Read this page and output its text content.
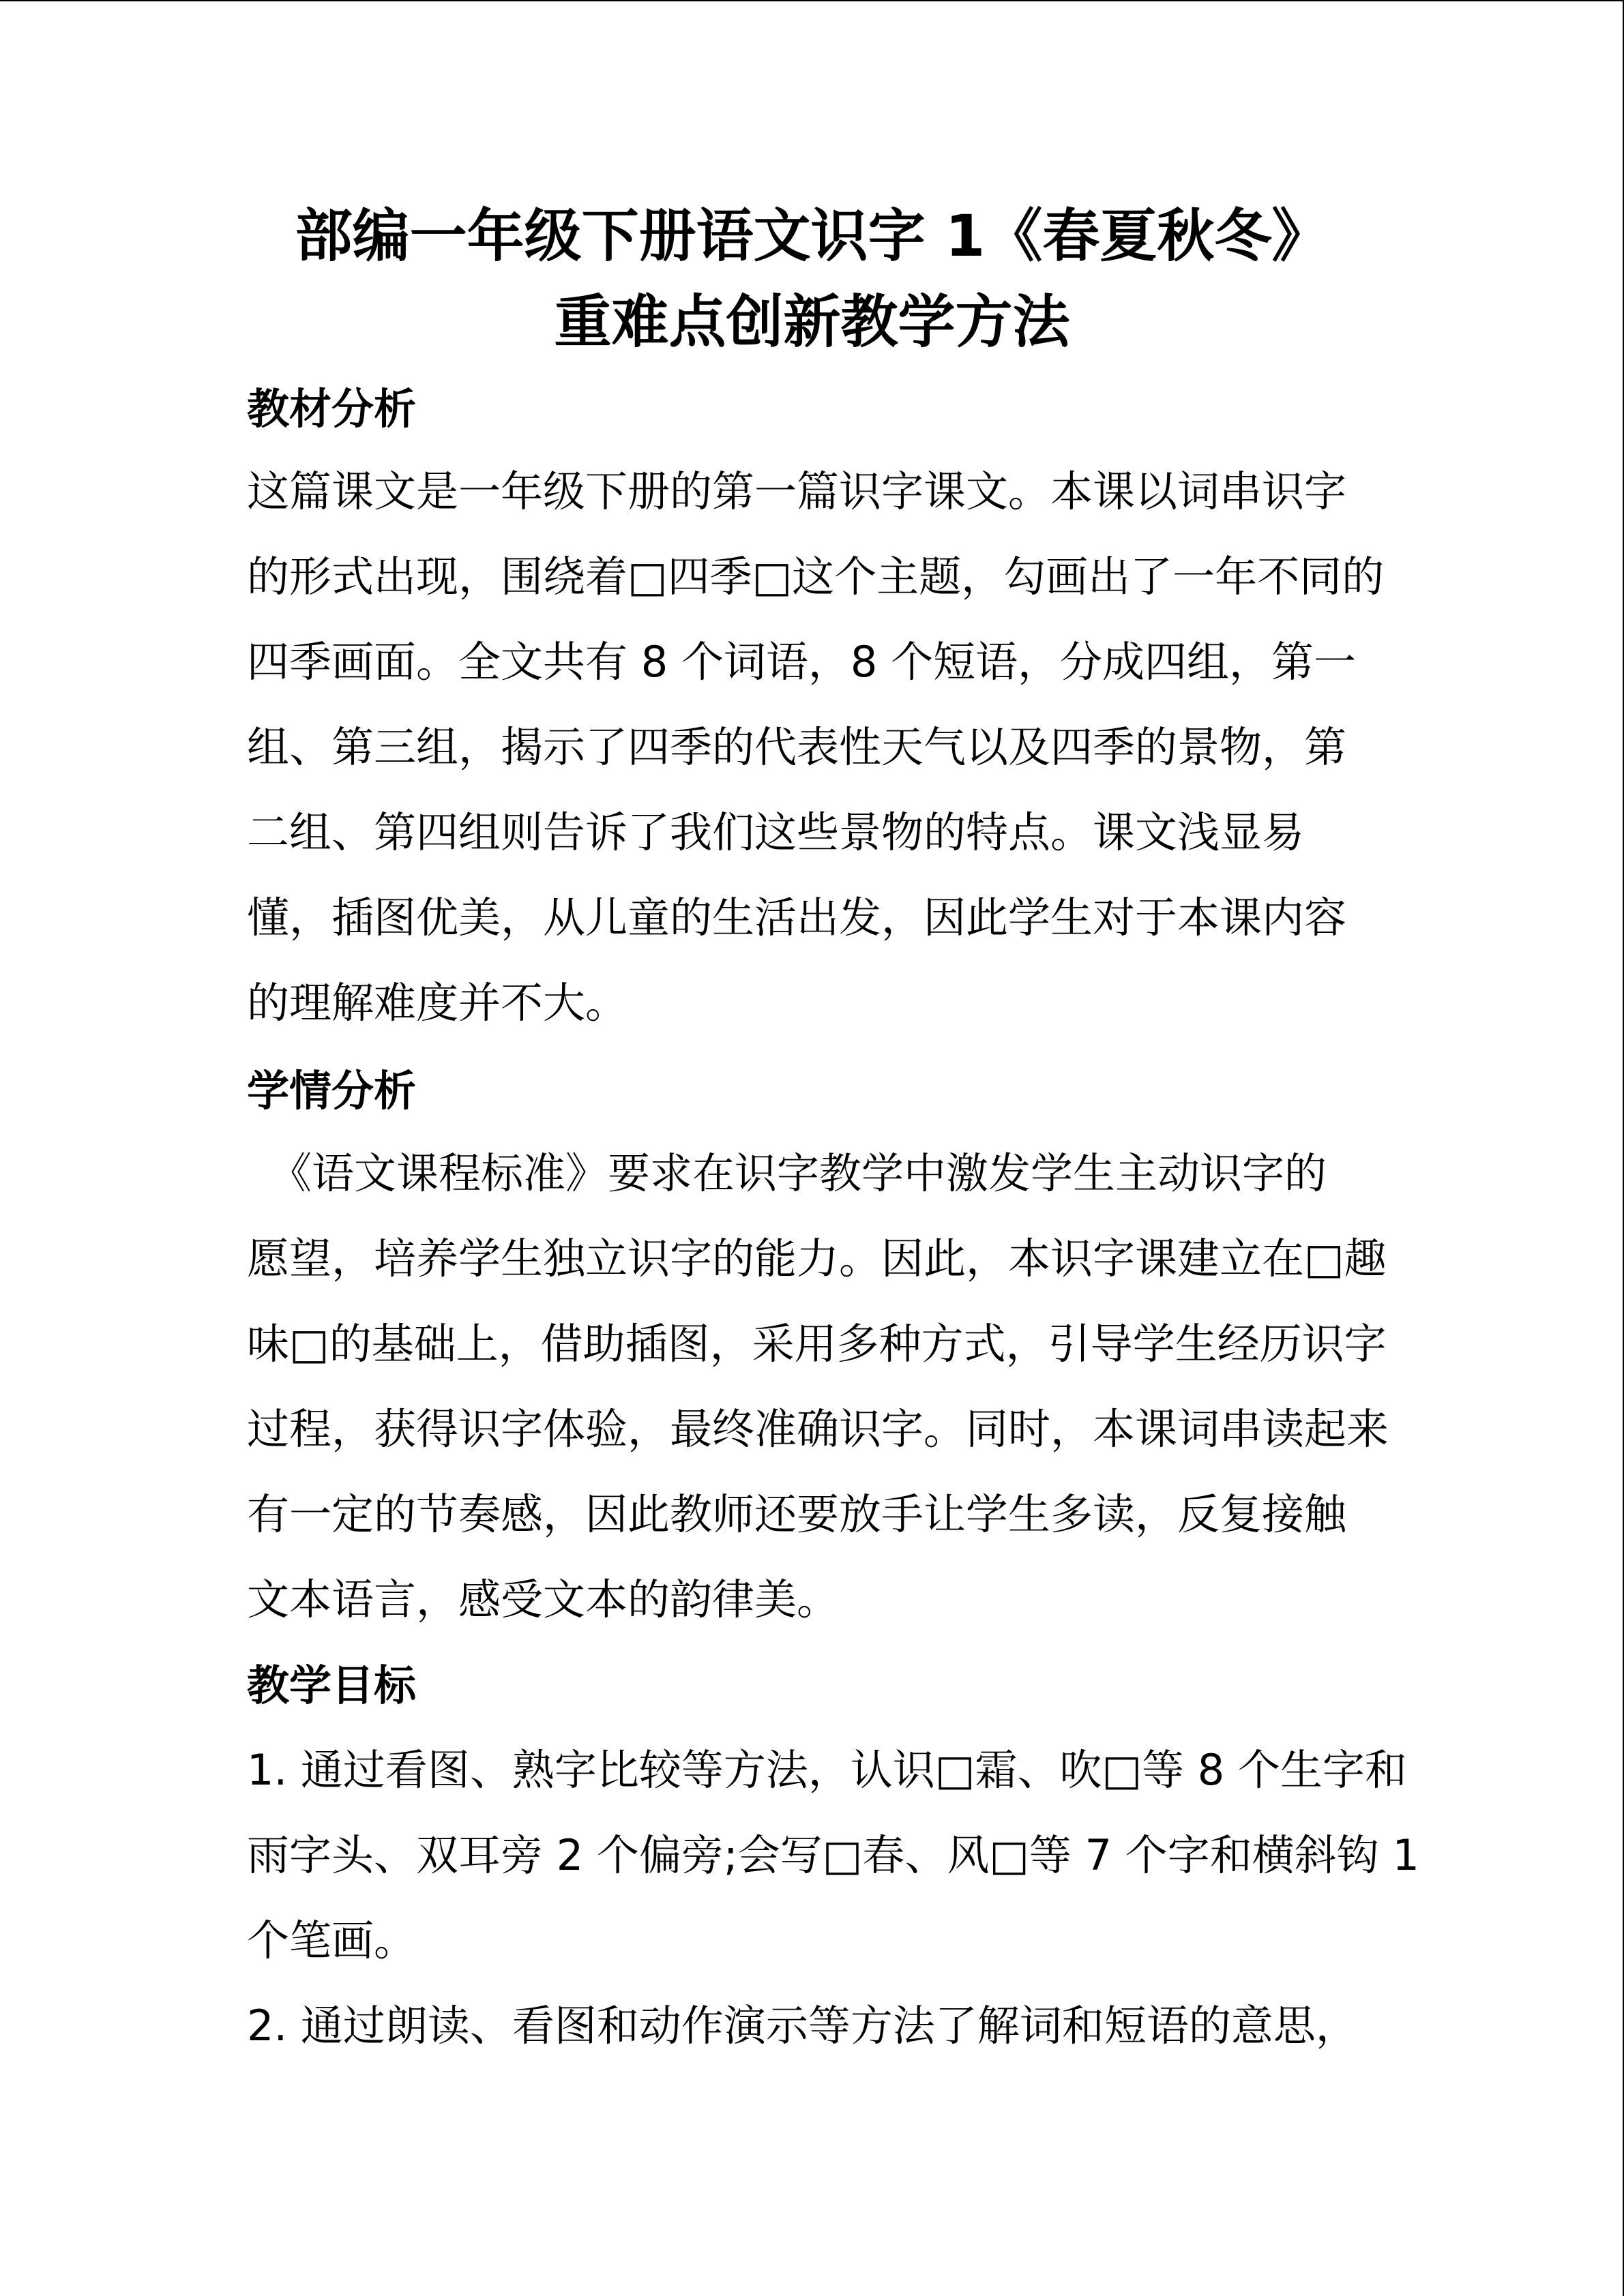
部编一年级下册语文识字 1《春夏秋冬》
重难点创新教学方法
教材分析
这篇课文是一年级下册的第一篇识字课文。本课以词串识字
的形式出现，围绕着□四季□这个主题，勾画出了一年不同的
四季画面。全文共有 8 个词语，8 个短语，分成四组，第一
组、第三组，揭示了四季的代表性天气以及四季的景物，第
二组、第四组则告诉了我们这些景物的特点。课文浅显易
懂，插图优美，从儿童的生活出发，因此学生对于本课内容
的理解难度并不大。
学情分析
《语文课程标准》要求在识字教学中激发学生主动识字的
愿望，培养学生独立识字的能力。因此，本识字课建立在□趣
味□的基础上，借助插图，采用多种方式，引导学生经历识字
过程，获得识字体验，最终准确识字。同时，本课词串读起来
有一定的节奏感，因此教师还要放手让学生多读，反复接触
文本语言，感受文本的韵律美。
教学目标
1. 通过看图、熟字比较等方法，认识□霜、吹□等 8 个生字和
雨字头、双耳旁 2 个偏旁;会写□春、风□等 7 个字和横斜钩 1
个笔画。
2. 通过朗读、看图和动作演示等方法了解词和短语的意思，
